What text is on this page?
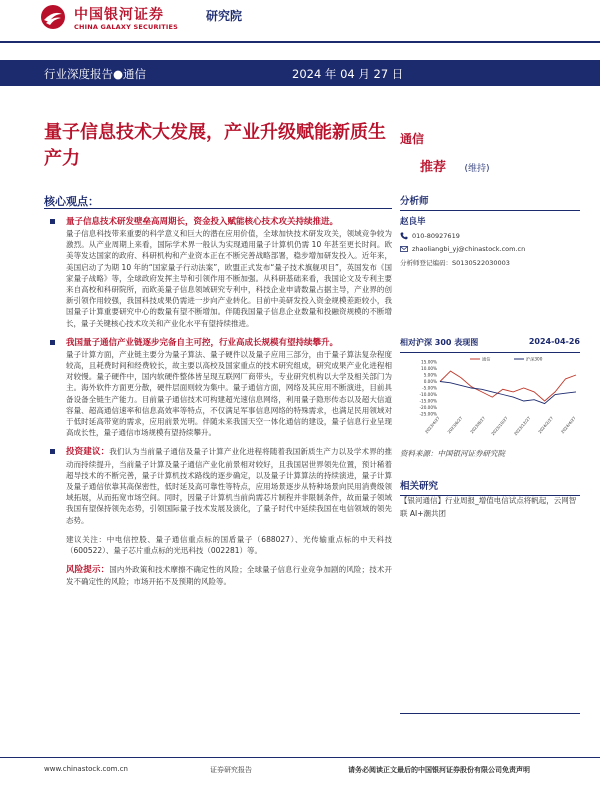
中国银河证券
CHINA GALAXY SECURITIES
研究院
行业深度报告●通信	2024 年 04 月 27 日
量子信息技术大发展，产业升级赋能新质生产力
通信
推荐 (维持)
核心观点：
量子信息技术研发壁垒高周期长，资金投入赋能核心技术攻关持续推进。

量子信息科技带来重要的科学意义和巨大的潜在应用价值，全球加快技术研发攻关，领域竞争较为激烈。从产业周期上来看，国际学术界一般认为实现通用量子计算机仍需 10 年甚至更长时间。欧美等发达国家的政府、科研机构和产业资本正在不断完善战略部署，稳步增加研发投入。近年来，美国启动了为期 10 年的“国家量子行动法案”，欧盟正式发布“量子技术旗舰项目”，英国发布《国家量子战略》等，全球政府发挥主导和引领作用不断加强。从科研基础来看，我国论文及专利主要来自高校和科研院所，而欧美量子信息领域研究专利中，科技企业申请数量占据主导，产业界的创新引领作用较强，我国科技成果仍需进一步向产业转化。目前中美研发投入资金规模差距较小，我国量子计算重要研究中心的数量有望不断增加。伴随我国量子信息企业数量和投融资规模的不断增长，量子关键核心技术攻关和产业化水平有望持续推进。

我国量子通信产业链逐步完备自主可控，行业高成长规模有望持续攀升。

量子计算方面，产业链主要分为量子算法、量子硬件以及量子应用三部分，由于量子算法复杂程度较高，且耗费时间和经费较长，故主要以高校及国家重点的技术研究组成，研究成果产业化进程相对较慢。量子硬件中，国内软硬件整体皆呈现互联网厂商带头，专业研究机构以大学及相关部门为主。海外软件方面更分散，硬件层面则较为集中。量子通信方面，网络及其应用不断演进，目前具备设备全链生产能力。目前量子通信技术可构建超光速信息网络，利用量子隐形传态以及超大信道容量、超高通信速率和信息高效率等特点，不仅满足军事信息网络的特殊需求，也满足民用领域对于低时延高带宽的需求，应用前景光明。伴随未来我国天空一体化通信的建设，量子信息行业呈现高成长性，量子通信市场规模有望持续攀升。

投资建议：我们认为当前量子通信及量子计算产业化进程将随着我国新质生产力以及学术界的推动而持续提升，当前量子计算及量子通信产业化前景相对较好，且我国居世界领先位置，预计稀着超导技术的不断完善，量子计算机技术路线的逐步确定，以及量子计算算法的持续演进，量子计算及量子通信依靠其高保密性，低时延及高可靠性等特点，应用场景逐步从特种场景向民用消费级领域拓展，从而拓宽市场空间。同时，因量子计算机当前尚需芯片制程并非限制条件，故而量子领域我国有望保持领先态势，引领国际量子技术发展及演化，了量子时代中延续我国在电信领域的领先态势。

建议关注：中电信控股、量子通信重点标的国盾量子（688027）、光传输重点标的中天科技（600522）、量子芯片重点标的光迅科技（002281）等。

风险提示：国内外政策和技术摩擦不确定性的风险；全球量子信息行业竞争加剧的风险；技术开发不确定性的风险；市场开拓不及预期的风险等。

分析师
赵良毕
010-80927619
zhaoliangbi_yj@chinastock.com.cn
分析师登记编码：S0130522030003
相对沪深 300 表现图	2024-04-26
15.00%
10.00%
5.00%
0.00%
-5.00%
-10.00%
-15.00%
-20.00%
-25.00%
2023/4/27 2023/6/27 2023/8/27 2023/10/27 2023/12/27 2024/2/27 2024/4/27
通信	沪深300
资料来源：中国银河证券研究院
相关研究
【银河通信】行业周报_增值电信试点将帆起，云网智联 AI+潮共团
www.chinastock.com.cn	证券研究报告	请务必阅读正文最后的中国银河证券股份有限公司免责声明
